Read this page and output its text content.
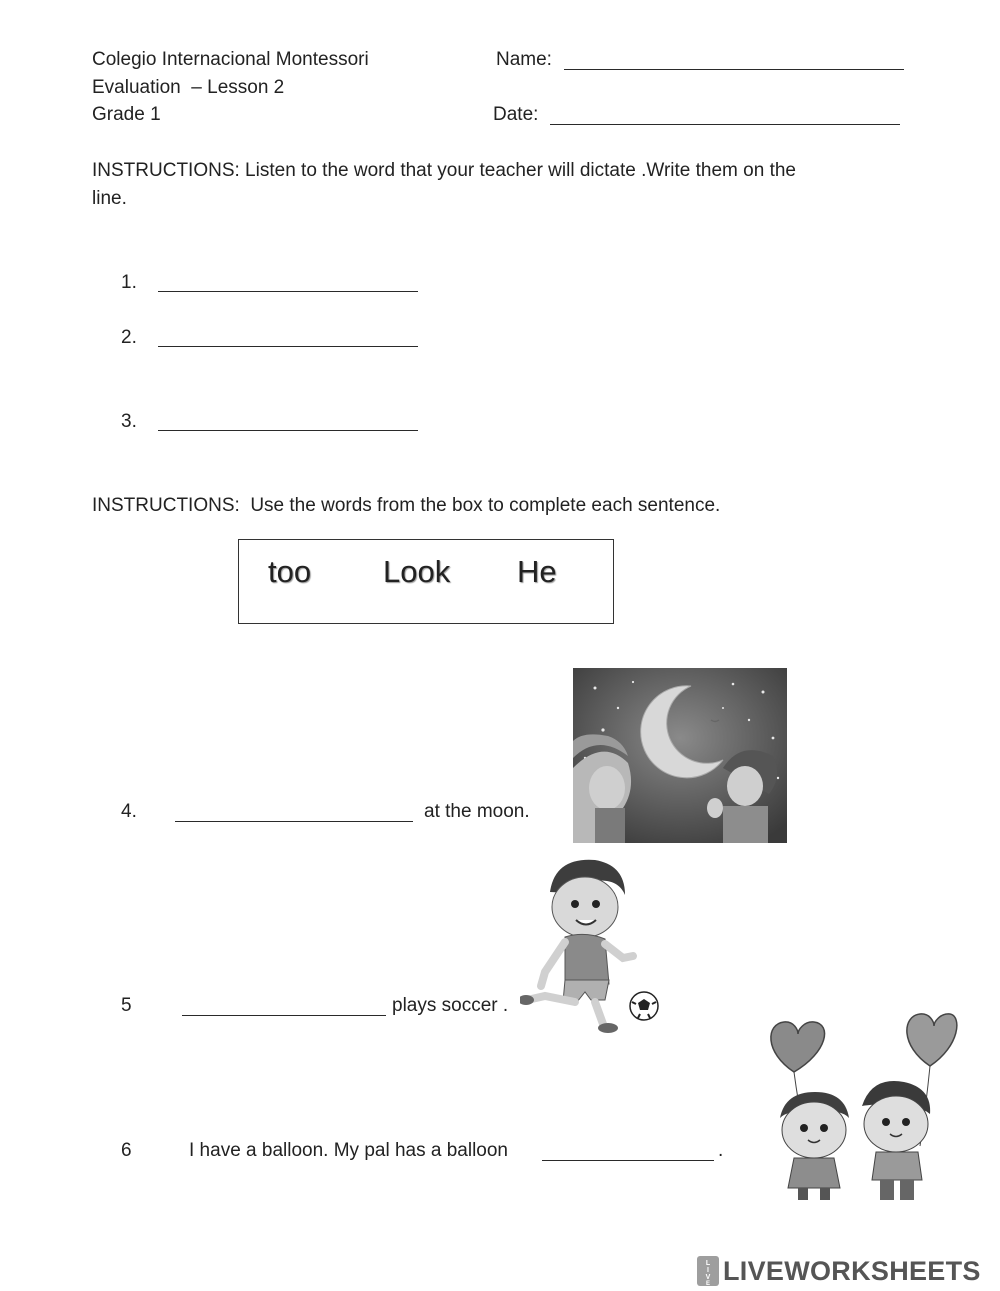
Colegio Internacional Montessori
Evaluation  – Lesson 2
Grade 1
Name:
Date:
INSTRUCTIONS: Listen to the word that your teacher will dictate .Write them on the
line.
1.
2.
3.
INSTRUCTIONS:  Use the words from the box to complete each sentence.
too Look He
4.	at the moon.
5	plays soccer .
6	I have a balloon. My pal has a balloon	.
L
I
V
E LIVEWORKSHEETS
